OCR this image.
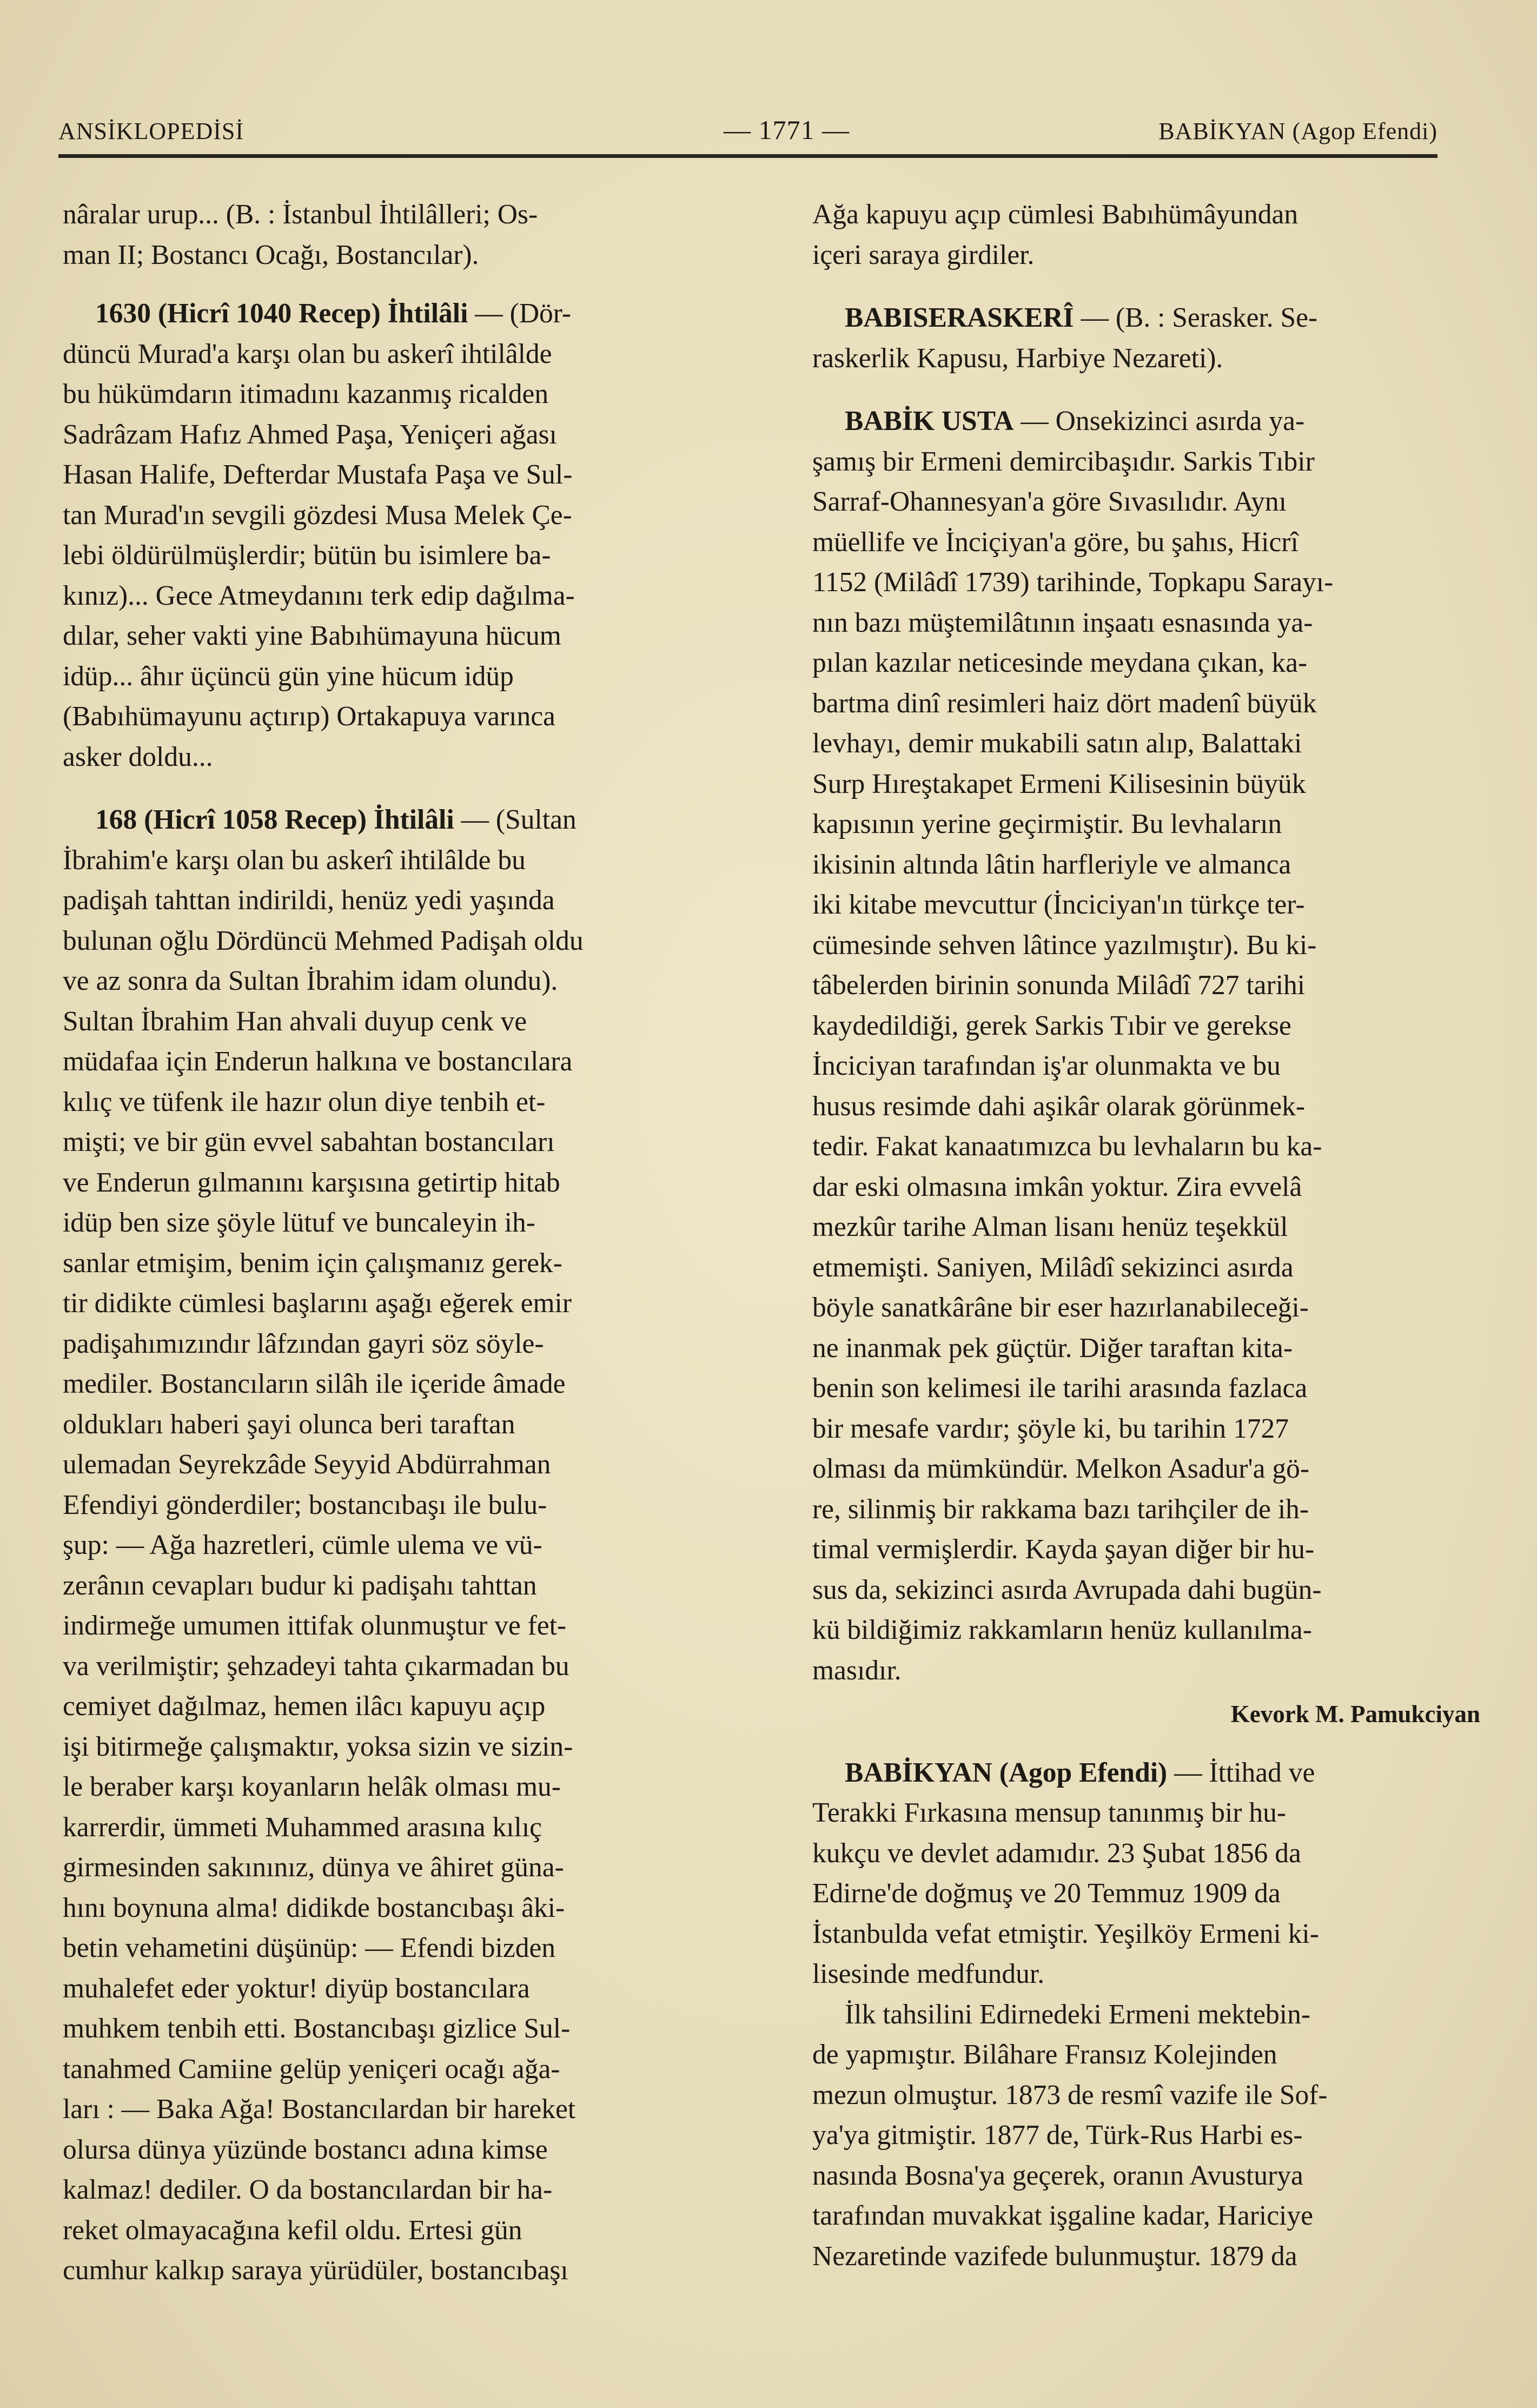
ANSİKLOPEDİSİ	— 1771 —	BABİKYAN (Agop Efendi)
nâralar urup... (B. : İstanbul İhtilâlleri; Os-
man II; Bostancı Ocağı, Bostancılar).
1630 (Hicrî 1040 Recep) İhtilâli — (Dör-
düncü Murad'a karşı olan bu askerî ihtilâlde
bu hükümdarın itimadını kazanmış ricalden
Sadrâzam Hafız Ahmed Paşa, Yeniçeri ağası
Hasan Halife, Defterdar Mustafa Paşa ve Sul-
tan Murad'ın sevgili gözdesi Musa Melek Çe-
lebi öldürülmüşlerdir; bütün bu isimlere ba-
kınız)... Gece Atmeydanını terk edip dağılma-
dılar, seher vakti yine Babıhümayuna hücum
idüp... âhır üçüncü gün yine hücum idüp
(Babıhümayunu açtırıp) Ortakapuya varınca
asker doldu...
168 (Hicrî 1058 Recep) İhtilâli — (Sultan
İbrahim'e karşı olan bu askerî ihtilâlde bu
padişah tahttan indirildi, henüz yedi yaşında
bulunan oğlu Dördüncü Mehmed Padişah oldu
ve az sonra da Sultan İbrahim idam olundu).
Sultan İbrahim Han ahvali duyup cenk ve
müdafaa için Enderun halkına ve bostancılara
kılıç ve tüfenk ile hazır olun diye tenbih et-
mişti; ve bir gün evvel sabahtan bostancıları
ve Enderun gılmanını karşısına getirtip hitab
idüp ben size şöyle lütuf ve buncaleyin ih-
sanlar etmişim, benim için çalışmanız gerek-
tir didikte cümlesi başlarını aşağı eğerek emir
padişahımızındır lâfzından gayri söz söyle-
mediler. Bostancıların silâh ile içeride âmade
oldukları haberi şayi olunca beri taraftan
ulemadan Seyrekzâde Seyyid Abdürrahman
Efendiyi gönderdiler; bostancıbaşı ile bulu-
şup: — Ağa hazretleri, cümle ulema ve vü-
zerânın cevapları budur ki padişahı tahttan
indirmeğe umumen ittifak olunmuştur ve fet-
va verilmiştir; şehzadeyi tahta çıkarmadan bu
cemiyet dağılmaz, hemen ilâcı kapuyu açıp
işi bitirmeğe çalışmaktır, yoksa sizin ve sizin-
le beraber karşı koyanların helâk olması mu-
karrerdir, ümmeti Muhammed arasına kılıç
girmesinden sakınınız, dünya ve âhiret güna-
hını boynuna alma! didikde bostancıbaşı âki-
betin vehametini düşünüp: — Efendi bizden
muhalefet eder yoktur! diyüp bostancılara
muhkem tenbih etti. Bostancıbaşı gizlice Sul-
tanahmed Camiine gelüp yeniçeri ocağı ağa-
ları : — Baka Ağa! Bostancılardan bir hareket
olursa dünya yüzünde bostancı adına kimse
kalmaz! dediler. O da bostancılardan bir ha-
reket olmayacağına kefil oldu. Ertesi gün
cumhur kalkıp saraya yürüdüler, bostancıbaşı
Ağa kapuyu açıp cümlesi Babıhümâyundan
içeri saraya girdiler.
BABISERASKERÎ — (B. : Serasker. Se-
raskerlik Kapusu, Harbiye Nezareti).
BABİK USTA — Onsekizinci asırda ya-
şamış bir Ermeni demircibaşıdır. Sarkis Tıbir
Sarraf-Ohannesyan'a göre Sıvasılıdır. Aynı
müellife ve İnciçiyan'a göre, bu şahıs, Hicrî
1152 (Milâdî 1739) tarihinde, Topkapu Sarayı-
nın bazı müştemilâtının inşaatı esnasında ya-
pılan kazılar neticesinde meydana çıkan, ka-
bartma dinî resimleri haiz dört madenî büyük
levhayı, demir mukabili satın alıp, Balattaki
Surp Hıreştakapet Ermeni Kilisesinin büyük
kapısının yerine geçirmiştir. Bu levhaların
ikisinin altında lâtin harfleriyle ve almanca
iki kitabe mevcuttur (İnciciyan'ın türkçe ter-
cümesinde sehven lâtince yazılmıştır). Bu ki-
tâbelerden birinin sonunda Milâdî 727 tarihi
kaydedildiği, gerek Sarkis Tıbir ve gerekse
İnciciyan tarafından iş'ar olunmakta ve bu
husus resimde dahi aşikâr olarak görünmek-
tedir. Fakat kanaatımızca bu levhaların bu ka-
dar eski olmasına imkân yoktur. Zira evvelâ
mezkûr tarihe Alman lisanı henüz teşekkül
etmemişti. Saniyen, Milâdî sekizinci asırda
böyle sanatkârâne bir eser hazırlanabileceği-
ne inanmak pek güçtür. Diğer taraftan kita-
benin son kelimesi ile tarihi arasında fazlaca
bir mesafe vardır; şöyle ki, bu tarihin 1727
olması da mümkündür. Melkon Asadur'a gö-
re, silinmiş bir rakkama bazı tarihçiler de ih-
timal vermişlerdir. Kayda şayan diğer bir hu-
sus da, sekizinci asırda Avrupada dahi bugün-
kü bildiğimiz rakkamların henüz kullanılma-
masıdır.
Kevork M. Pamukciyan
BABİKYAN (Agop Efendi) — İttihad ve
Terakki Fırkasına mensup tanınmış bir hu-
kukçu ve devlet adamıdır. 23 Şubat 1856 da
Edirne'de doğmuş ve 20 Temmuz 1909 da
İstanbulda vefat etmiştir. Yeşilköy Ermeni ki-
lisesinde medfundur.
İlk tahsilini Edirnedeki Ermeni mektebin-
de yapmıştır. Bilâhare Fransız Kolejinden
mezun olmuştur. 1873 de resmî vazife ile Sof-
ya'ya gitmiştir. 1877 de, Türk-Rus Harbi es-
nasında Bosna'ya geçerek, oranın Avusturya
tarafından muvakkat işgaline kadar, Hariciye
Nezaretinde vazifede bulunmuştur. 1879 da
